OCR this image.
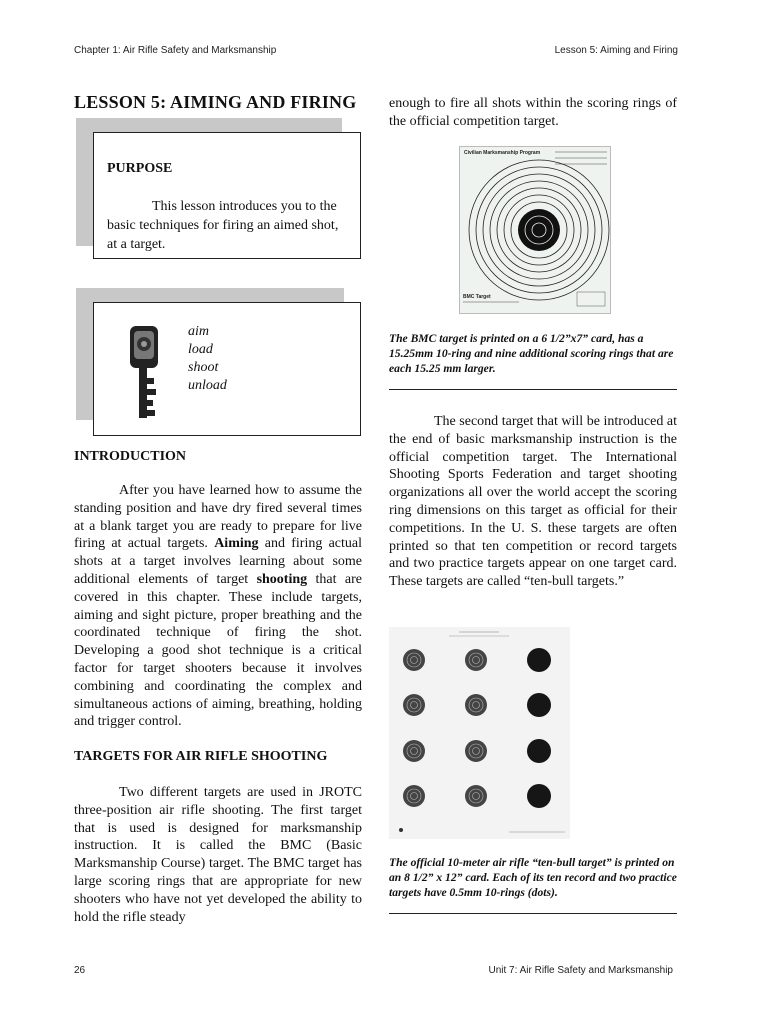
Chapter 1: Air Rifle Safety and Marksmanship	Lesson 5: Aiming and Firing
LESSON 5: AIMING AND FIRING
PURPOSE
This lesson introduces you to the basic techniques for firing an aimed shot, at a target.
aim
load
shoot
unload
INTRODUCTION
After you have learned how to assume the standing position and have dry fired several times at a blank target you are ready to prepare for live firing at actual targets. Aiming and firing actual shots at a target involves learning about some additional elements of target shooting that are covered in this chapter. These include targets, aiming and sight picture, proper breathing and the coordinated technique of firing the shot. Developing a good shot technique is a critical factor for target shooters because it involves combining and coordinating the complex and simultaneous actions of aiming, breathing, holding and trigger control.
TARGETS FOR AIR RIFLE SHOOTING
Two different targets are used in JROTC three-position air rifle shooting. The first target that is used is designed for marksmanship instruction. It is called the BMC (Basic Marksmanship Course) target. The BMC target has large scoring rings that are appropriate for new shooters who have not yet developed the ability to hold the rifle steady
enough to fire all shots within the scoring rings of the official competition target.
Civilian Marksmanship Program
BMC Target
The BMC target is printed on a 6 1/2”x7” card, has a 15.25mm 10-ring and nine additional scoring rings that are each 15.25 mm larger.
The second target that will be introduced at the end of basic marksmanship instruction is the official competition target. The International Shooting Sports Federation and target shooting organizations all over the world accept the scoring ring dimensions on this target as official for their competitions. In the U. S. these targets are often printed so that ten competition or record targets and two practice targets appear on one target card. These targets are called “ten-bull targets.”
The official 10-meter air rifle “ten-bull target” is printed on an 8 1/2” x 12” card. Each of its ten record and two practice targets have 0.5mm 10-rings (dots).
26	Unit 7: Air Rifle Safety and Marksmanship
